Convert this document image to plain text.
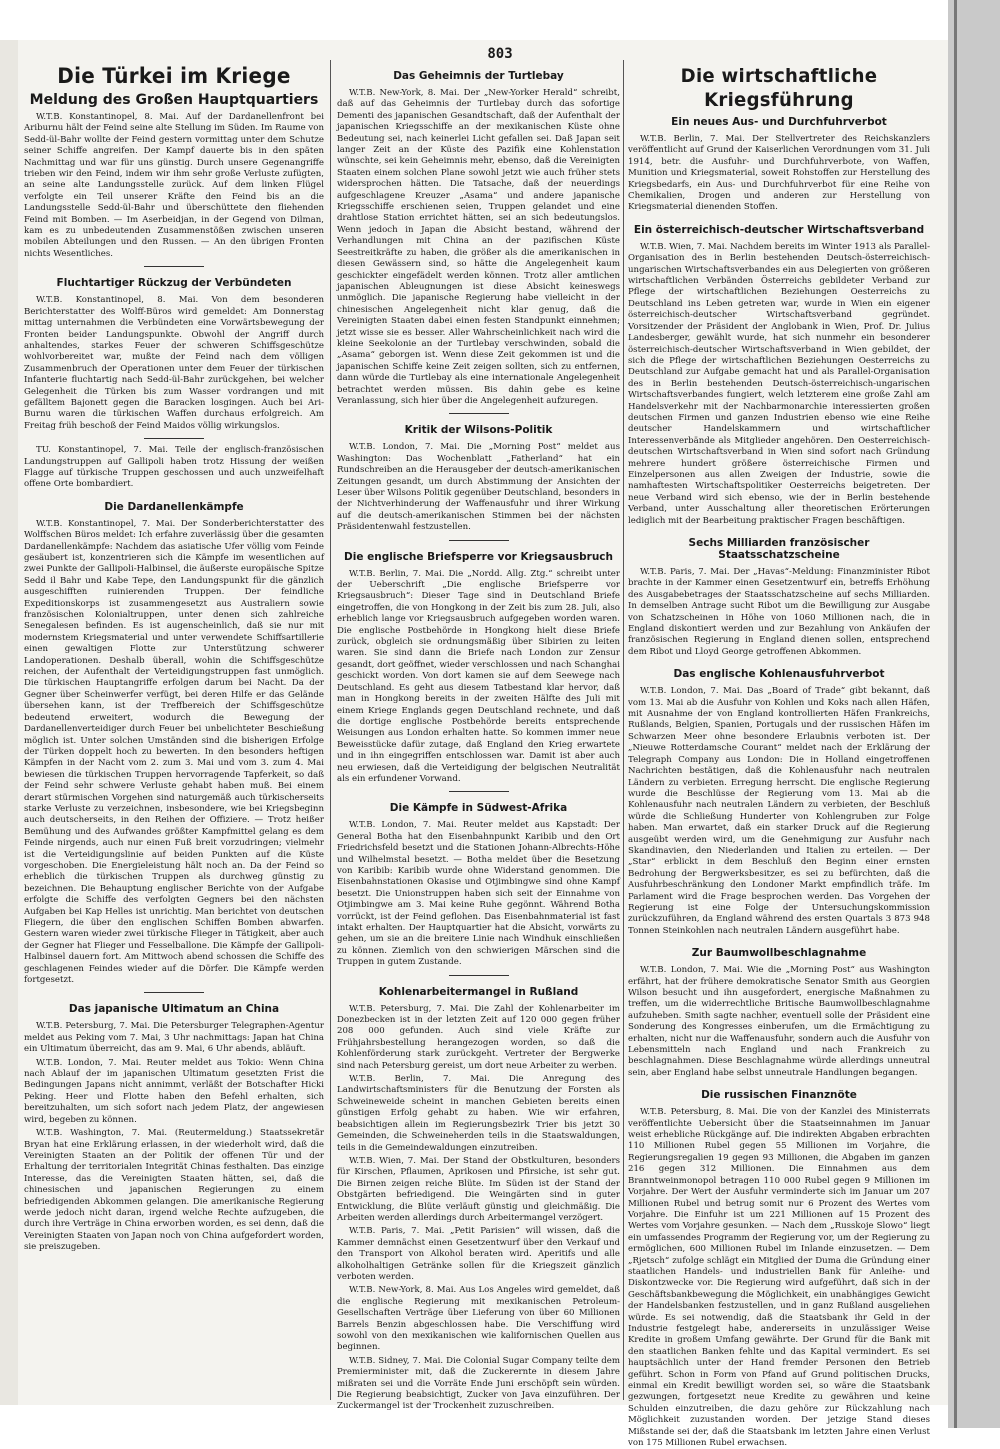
803
Die Türkei im Kriege
Meldung des Großen Hauptquartiers

W.T.B. Konstantinopel, 8. Mai. Auf der Dardanellenfront bei Ariburnu hält der Feind seine alte Stellung im Süden. Im Raume von Sedd-ül-Bahr wollte der Feind gestern vormittag unter dem Schutze seiner Schiffe angreifen. Der Kampf dauerte bis in den späten Nachmittag und war für uns günstig. Durch unsere Gegenangriffe trieben wir den Feind, indem wir ihm sehr große Verluste zufügten, an seine alte Landungsstelle zurück. Auf dem linken Flügel verfolgte ein Teil unserer Kräfte den Feind bis an die Landungsstelle Sedd-ül-Bahr und überschüttete den fliehenden Feind mit Bomben. — Im Aserbeidjan, in der Gegend von Dilman, kam es zu unbedeutenden Zusammenstößen zwischen unseren mobilen Abteilungen und den Russen. — An den übrigen Fronten nichts Wesentliches.

Fluchtartiger Rückzug der Verbündeten

W.T.B. Konstantinopel, 8. Mai. Von dem besonderen Berichterstatter des Wolff-Büros wird gemeldet: Am Donnerstag mittag unternahmen die Verbündeten eine Vorwärtsbewegung der Fronten beider Landungspunkte. Obwohl der Angriff durch anhaltendes, starkes Feuer der schweren Schiffsgeschütze wohlvorbereitet war, mußte der Feind nach dem völligen Zusammenbruch der Operationen unter dem Feuer der türkischen Infanterie fluchtartig nach Sedd-ül-Bahr zurückgehen, bei welcher Gelegenheit die Türken bis zum Wasser vordrangen und mit gefälltem Bajonett gegen die Baracken losgingen. Auch bei Ari-Burnu waren die türkischen Waffen durchaus erfolgreich. Am Freitag früh beschoß der Feind Maidos völlig wirkungslos.

TU. Konstantinopel, 7. Mai. Teile der englisch-französischen Landungstruppen auf Gallipoli haben trotz Hissung der weißen Flagge auf türkische Truppen geschossen und auch unzweifelhaft offene Orte bombardiert.

Die Dardanellenkämpfe

W.T.B. Konstantinopel, 7. Mai. Der Sonderberichterstatter des Wolffschen Büros meldet: Ich erfahre zuverlässig über die gesamten Dardanellenkämpfe: Nachdem das asiatische Ufer völlig vom Feinde gesäubert ist, konzentrieren sich die Kämpfe im wesentlichen auf zwei Punkte der Gallipoli-Halbinsel, die äußerste europäische Spitze Sedd il Bahr und Kabe Tepe, den Landungspunkt für die gänzlich ausgeschifften ruinierenden Truppen. Der feindliche Expeditionskorps ist zusammengesetzt aus Australiern sowie französischen Kolonialtruppen, unter denen sich zahlreiche Senegalesen befinden. Es ist augenscheinlich, daß sie nur mit modernstem Kriegsmaterial und unter verwendete Schiffsartillerie einen gewaltigen Flotte zur Unterstützung schwerer Landoperationen. Deshalb überall, wohin die Schiffsgeschütze reichen, der Aufenthalt der Verteidigungstruppen fast unmöglich. Die türkischen Hauptangriffe erfolgen darum bei Nacht. Da der Gegner über Scheinwerfer verfügt, bei deren Hilfe er das Gelände übersehen kann, ist der Treffbereich der Schiffsgeschütze bedeutend erweitert, wodurch die Bewegung der Dardanellenverteidiger durch Feuer bei unbelichteter Beschießung möglich ist. Unter solchen Umständen sind die bisherigen Erfolge der Türken doppelt hoch zu bewerten. In den besonders heftigen Kämpfen in der Nacht vom 2. zum 3. Mai und vom 3. zum 4. Mai bewiesen die türkischen Truppen hervorragende Tapferkeit, so daß der Feind sehr schwere Verluste gehabt haben muß. Bei einem derart stürmischen Vorgehen sind naturgemäß auch türkischerseits starke Verluste zu verzeichnen, insbesondere, wie bei Kriegsbeginn auch deutscherseits, in den Reihen der Offiziere. — Trotz heißer Bemühung und des Aufwandes größter Kampfmittel gelang es dem Feinde nirgends, auch nur einen Fuß breit vorzudringen; vielmehr ist die Verteidigungslinie auf beiden Punkten auf die Küste vorgeschoben. Die Energieleistung hält noch an. Da der Feind so erheblich die türkischen Truppen als durchweg günstig zu bezeichnen. Die Behauptung englischer Berichte von der Aufgabe erfolgte die Schiffe des verfolgten Gegners bei den nächsten Aufgaben bei Kap Helles ist unrichtig. Man berichtet von deutschen Fliegern, die über den englischen Schiffen Bomben abwarfen. Gestern waren wieder zwei türkische Flieger in Tätigkeit, aber auch der Gegner hat Flieger und Fesselballone. Die Kämpfe der Gallipoli-Halbinsel dauern fort. Am Mittwoch abend schossen die Schiffe des geschlagenen Feindes wieder auf die Dörfer. Die Kämpfe werden fortgesetzt.

Das japanische Ultimatum an China

W.T.B. Petersburg, 7. Mai. Die Petersburger Telegraphen-Agentur meldet aus Peking vom 7. Mai, 3 Uhr nachmittags: Japan hat China ein Ultimatum überreicht, das am 9. Mai, 6 Uhr abends, abläuft.

W.T.B. London, 7. Mai. Reuter meldet aus Tokio: Wenn China nach Ablauf der im japanischen Ultimatum gesetzten Frist die Bedingungen Japans nicht annimmt, verläßt der Botschafter Hicki Peking. Heer und Flotte haben den Befehl erhalten, sich bereitzuhalten, um sich sofort nach jedem Platz, der angewiesen wird, begeben zu können.

W.T.B. Washington, 7. Mai. (Reutermeldung.) Staatssekretär Bryan hat eine Erklärung erlassen, in der wiederholt wird, daß die Vereinigten Staaten an der Politik der offenen Tür und der Erhaltung der territorialen Integrität Chinas festhalten. Das einzige Interesse, das die Vereinigten Staaten hätten, sei, daß die chinesischen und japanischen Regierungen zu einem befriedigenden Abkommen gelangen. Die amerikanische Regierung werde jedoch nicht daran, irgend welche Rechte aufzugeben, die durch ihre Verträge in China erworben worden, es sei denn, daß die Vereinigten Staaten von Japan noch von China aufgefordert worden, sie preiszugeben.

Das Geheimnis der Turtlebay

W.T.B. New-York, 8. Mai. Der „New-Yorker Herald“ schreibt, daß auf das Geheimnis der Turtlebay durch das sofortige Dementi des japanischen Gesandtschaft, daß der Aufenthalt der japanischen Kriegsschiffe an der mexikanischen Küste ohne Bedeutung sei, nach keinerlei Licht gefallen sei. Daß Japan seit langer Zeit an der Küste des Pazifik eine Kohlenstation wünschte, sei kein Geheimnis mehr, ebenso, daß die Vereinigten Staaten einem solchen Plane sowohl jetzt wie auch früher stets widersprochen hätten. Die Tatsache, daß der neuerdings aufgeschlagene Kreuzer „Asama“ und andere japanische Kriegsschiffe erschienen seien, Truppen gelandet und eine drahtlose Station errichtet hätten, sei an sich bedeutungslos. Wenn jedoch in Japan die Absicht bestand, während der Verhandlungen mit China an der pazifischen Küste Seestreitkräfte zu haben, die größer als die amerikanischen in diesen Gewässern sind, so hätte die Angelegenheit kaum geschickter eingefädelt werden können. Trotz aller amtlichen japanischen Ableugnungen ist diese Absicht keineswegs unmöglich. Die japanische Regierung habe vielleicht in der chinesischen Angelegenheit nicht klar genug, daß die Vereinigten Staaten dabei einen festen Standpunkt einnehmen; jetzt wisse sie es besser. Aller Wahrscheinlichkeit nach wird die kleine Seekolonie an der Turtlebay verschwinden, sobald die „Asama“ geborgen ist. Wenn diese Zeit gekommen ist und die japanischen Schiffe keine Zeit zeigen sollten, sich zu entfernen, dann würde die Turtlebay als eine internationale Angelegenheit betrachtet werden müssen. Bis dahin gebe es keine Veranlassung, sich hier über die Angelegenheit aufzuregen.

Kritik der Wilsons-Politik

W.T.B. London, 7. Mai. Die „Morning Post“ meldet aus Washington: Das Wochenblatt „Fatherland“ hat ein Rundschreiben an die Herausgeber der deutsch-amerikanischen Zeitungen gesandt, um durch Abstimmung der Ansichten der Leser über Wilsons Politik gegenüber Deutschland, besonders in der Nichtverhinderung der Waffenausfuhr und ihrer Wirkung auf die deutsch-amerikanischen Stimmen bei der nächsten Präsidentenwahl festzustellen.

Die englische Briefsperre vor Kriegsausbruch

W.T.B. Berlin, 7. Mai. Die „Nordd. Allg. Ztg.“ schreibt unter der Ueberschrift „Die englische Briefsperre vor Kriegsausbruch“: Dieser Tage sind in Deutschland Briefe eingetroffen, die von Hongkong in der Zeit bis zum 28. Juli, also erheblich lange vor Kriegsausbruch aufgegeben worden waren. Die englische Postbehörde in Hongkong hielt diese Briefe zurück, obgleich sie ordnungsmäßig über Sibirien zu leiten waren. Sie sind dann die Briefe nach London zur Zensur gesandt, dort geöffnet, wieder verschlossen und nach Schanghai geschickt worden. Von dort kamen sie auf dem Seewege nach Deutschland. Es geht aus diesem Tatbestand klar hervor, daß man in Hongkong bereits in der zweiten Hälfte des Juli mit einem Kriege Englands gegen Deutschland rechnete, und daß die dortige englische Postbehörde bereits entsprechende Weisungen aus London erhalten hatte. So kommen immer neue Beweisstücke dafür zutage, daß England den Krieg erwartete und in ihn eingegriffen entschlossen war. Damit ist aber auch neu erwiesen, daß die Verteidigung der belgischen Neutralität als ein erfundener Vorwand.

Die Kämpfe in Südwest-Afrika

W.T.B. London, 7. Mai. Reuter meldet aus Kapstadt: Der General Botha hat den Eisenbahnpunkt Karibib und den Ort Friedrichsfeld besetzt und die Stationen Johann-Albrechts-Höhe und Wilhelmstal besetzt. — Botha meldet über die Besetzung von Karibib: Karibib wurde ohne Widerstand genommen. Die Eisenbahnstationen Okasise und Otjimbingwe sind ohne Kampf besetzt. Die Unionstruppen haben sich seit der Einnahme von Otjimbingwe am 3. Mai keine Ruhe gegönnt. Während Botha vorrückt, ist der Feind geflohen. Das Eisenbahnmaterial ist fast intakt erhalten. Der Hauptquartier hat die Absicht, vorwärts zu gehen, um sie an die breitere Linie nach Windhuk einschließen zu können. Ziemlich von den schwierigen Märschen sind die Truppen in gutem Zustande.

Kohlenarbeitermangel in Rußland

W.T.B. Petersburg, 7. Mai. Die Zahl der Kohlenarbeiter im Donezbecken ist in der letzten Zeit auf 120 000 gegen früher 208 000 gefunden. Auch sind viele Kräfte zur Frühjahrsbestellung herangezogen worden, so daß die Kohlenförderung stark zurückgeht. Vertreter der Bergwerke sind nach Petersburg gereist, um dort neue Arbeiter zu werben.

W.T.B. Berlin, 7. Mai. Die Anregung des Landwirtschaftsministers für die Benutzung der Forsten als Schweineweide scheint in manchen Gebieten bereits einen günstigen Erfolg gehabt zu haben. Wie wir erfahren, beabsichtigen allein im Regierungsbezirk Trier bis jetzt 30 Gemeinden, die Schweineherden teils in die Staatswaldungen, teils in die Gemeindewaldungen einzutreiben.

W.T.B. Wien, 7. Mai. Der Stand der Obstkulturen, besonders für Kirschen, Pflaumen, Aprikosen und Pfirsiche, ist sehr gut. Die Birnen zeigen reiche Blüte. Im Süden ist der Stand der Obstgärten befriedigend. Die Weingärten sind in guter Entwicklung, die Blüte verläuft günstig und gleichmäßig. Die Arbeiten werden allerdings durch Arbeitermangel verzögert.

W.T.B. Paris, 7. Mai. „Petit Parisien“ will wissen, daß die Kammer demnächst einen Gesetzentwurf über den Verkauf und den Transport von Alkohol beraten wird. Aperitifs und alle alkoholhaltigen Getränke sollen für die Kriegszeit gänzlich verboten werden.

W.T.B. New-York, 8. Mai. Aus Los Angeles wird gemeldet, daß die englische Regierung mit mexikanischen Petroleum-Gesellschaften Verträge über Lieferung von über 60 Millionen Barrels Benzin abgeschlossen habe. Die Verschiffung wird sowohl von den mexikanischen wie kalifornischen Quellen aus beginnen.

W.T.B. Sidney, 7. Mai. Die Colonial Sugar Company teilte dem Premierminister mit, daß die Zuckerernte in diesem Jahre mißraten sei und die Vorräte Ende Juni erschöpft sein würden. Die Regierung beabsichtigt, Zucker von Java einzuführen. Der Zuckermangel ist der Trockenheit zuzuschreiben.

Die wirtschaftliche Kriegsführung
Ein neues Aus- und Durchfuhrverbot

W.T.B. Berlin, 7. Mai. Der Stellvertreter des Reichskanzlers veröffentlicht auf Grund der Kaiserlichen Verordnungen vom 31. Juli 1914, betr. die Ausfuhr- und Durchfuhrverbote, von Waffen, Munition und Kriegsmaterial, soweit Rohstoffen zur Herstellung des Kriegsbedarfs, ein Aus- und Durchfuhrverbot für eine Reihe von Chemikalien, Drogen und anderen zur Herstellung von Kriegsmaterial dienenden Stoffen.

Ein österreichisch-deutscher Wirtschaftsverband

W.T.B. Wien, 7. Mai. Nachdem bereits im Winter 1913 als Parallel-Organisation des in Berlin bestehenden Deutsch-österreichisch-ungarischen Wirtschaftsverbandes ein aus Delegierten von größeren wirtschaftlichen Verbänden Österreichs gebildeter Verband zur Pflege der wirtschaftlichen Beziehungen Oesterreichs zu Deutschland ins Leben getreten war, wurde in Wien ein eigener österreichisch-deutscher Wirtschaftsverband gegründet. Vorsitzender der Präsident der Anglobank in Wien, Prof. Dr. Julius Landesberger, gewählt wurde, hat sich nunmehr ein besonderer österreichisch-deutscher Wirtschaftsverband in Wien gebildet, der sich die Pflege der wirtschaftlichen Beziehungen Oesterreichs zu Deutschland zur Aufgabe gemacht hat und als Parallel-Organisation des in Berlin bestehenden Deutsch-österreichisch-ungarischen Wirtschaftsverbandes fungiert, welch letzterem eine große Zahl am Handelsverkehr mit der Nachbarmonarchie interessierten großen deutschen Firmen und ganzen Industrien ebenso wie eine Reihe deutscher Handelskammern und wirtschaftlicher Interessenverbände als Mitglieder angehören. Den Oesterreichisch-deutschen Wirtschaftsverband in Wien sind sofort nach Gründung mehrere hundert größere österreichische Firmen und Einzelpersonen aus allen Zweigen der Industrie, sowie die namhaftesten Wirtschaftspolitiker Oesterreichs beigetreten. Der neue Verband wird sich ebenso, wie der in Berlin bestehende Verband, unter Ausschaltung aller theoretischen Erörterungen lediglich mit der Bearbeitung praktischer Fragen beschäftigen.

Sechs Milliarden französischer Staatsschatzscheine

W.T.B. Paris, 7. Mai. Der „Havas“-Meldung: Finanzminister Ribot brachte in der Kammer einen Gesetzentwurf ein, betreffs Erhöhung des Ausgabebetrages der Staatsschatzscheine auf sechs Milliarden. In demselben Antrage sucht Ribot um die Bewilligung zur Ausgabe von Schatzscheinen in Höhe von 1060 Millionen nach, die in England diskontiert werden und zur Bezahlung von Ankäufen der französischen Regierung in England dienen sollen, entsprechend dem Ribot und Lloyd George getroffenen Abkommen.

Das englische Kohlenausfuhrverbot

W.T.B. London, 7. Mai. Das „Board of Trade“ gibt bekannt, daß vom 13. Mai ab die Ausfuhr von Kohlen und Koks nach allen Häfen, mit Ausnahme der von England kontrollierten Häfen Frankreichs, Rußlands, Belgien, Spanien, Portugals und der russischen Häfen im Schwarzen Meer ohne besondere Erlaubnis verboten ist. Der „Nieuwe Rotterdamsche Courant“ meldet nach der Erklärung der Telegraph Company aus London: Die in Holland eingetroffenen Nachrichten bestätigen, daß die Kohlenausfuhr nach neutralen Ländern zu verbieten. Erregung herrscht. Die englische Regierung wurde die Beschlüsse der Regierung vom 13. Mai ab die Kohlenausfuhr nach neutralen Ländern zu verbieten, der Beschluß würde die Schließung Hunderter von Kohlengruben zur Folge haben. Man erwartet, daß ein starker Druck auf die Regierung ausgeübt werden wird, um die Genehmigung zur Ausfuhr nach Skandinavien, den Niederlanden und Italien zu erteilen. — Der „Star“ erblickt in dem Beschluß den Beginn einer ernsten Bedrohung der Bergwerksbesitzer, es sei zu befürchten, daß die Ausfuhrbeschränkung den Londoner Markt empfindlich träfe. Im Parlament wird die Frage besprochen werden. Das Vorgehen der Regierung ist eine Folge der Untersuchungskommission zurückzuführen, da England während des ersten Quartals 3 873 948 Tonnen Steinkohlen nach neutralen Ländern ausgeführt habe.

Zur Baumwollbeschlagnahme

W.T.B. London, 7. Mai. Wie die „Morning Post“ aus Washington erfährt, hat der frühere demokratische Senator Smith aus Georgien Wilson besucht und ihn ausgefordert, energische Maßnahmen zu treffen, um die widerrechtliche Britische Baumwollbeschlagnahme aufzuheben. Smith sagte nachher, eventuell solle der Präsident eine Sonderung des Kongresses einberufen, um die Ermächtigung zu erhalten, nicht nur die Waffenausfuhr, sondern auch die Ausfuhr von Lebensmitteln nach England und nach Frankreich zu beschlagnahmen. Diese Beschlagnahme würde allerdings unneutral sein, aber England habe selbst unneutrale Handlungen begangen.

Die russischen Finanznöte

W.T.B. Petersburg, 8. Mai. Die von der Kanzlei des Ministerrats veröffentlichte Uebersicht über die Staatseinnahmen im Januar weist erhebliche Rückgänge auf. Die indirekten Abgaben erbrachten 110 Millionen Rubel gegen 55 Millionen im Vorjahre, die Regierungsregalien 19 gegen 93 Millionen, die Abgaben im ganzen 216 gegen 312 Millionen. Die Einnahmen aus dem Branntweinmonopol betragen 110 000 Rubel gegen 9 Millionen im Vorjahre. Der Wert der Ausfuhr verminderte sich im Januar um 207 Millionen Rubel und betrug somit nur 6 Prozent des Wertes vom Vorjahre. Die Einfuhr ist um 221 Millionen auf 15 Prozent des Wertes vom Vorjahre gesunken. — Nach dem „Russkoje Slowo“ liegt ein umfassendes Programm der Regierung vor, um der Regierung zu ermöglichen, 600 Millionen Rubel im Inlande einzusetzen. — Dem „Rjetsch“ zufolge schlägt ein Mitglied der Duma die Gründung einer staatlichen Handels- und industriellen Bank für Anleihe- und Diskontzwecke vor. Die Regierung wird aufgeführt, daß sich in der Geschäftsbankbewegung die Möglichkeit, ein unabhängiges Gewicht der Handelsbanken festzustellen, und in ganz Rußland ausgeliehen würde. Es sei notwendig, daß die Staatsbank ihr Geld in der Industrie festgelegt habe, andererseits in unzulässiger Weise Kredite in großem Umfang gewährte. Der Grund für die Bank mit den staatlichen Banken fehlte und das Kapital vermindert. Es sei hauptsächlich unter der Hand fremder Personen den Betrieb geführt. Schon in Form von Pfand auf Grund politischen Drucks, einmal ein Kredit bewilligt worden sei, so wäre die Staatsbank gezwungen, fortgesetzt neue Kredite zu gewähren und keine Schulden einzutreiben, die dazu gehöre zur Rückzahlung nach Möglichkeit zuzustanden worden. Der jetzige Stand dieses Mißstande sei der, daß die Staatsbank im letzten Jahre einen Verlust von 175 Millionen Rubel erwachsen.
